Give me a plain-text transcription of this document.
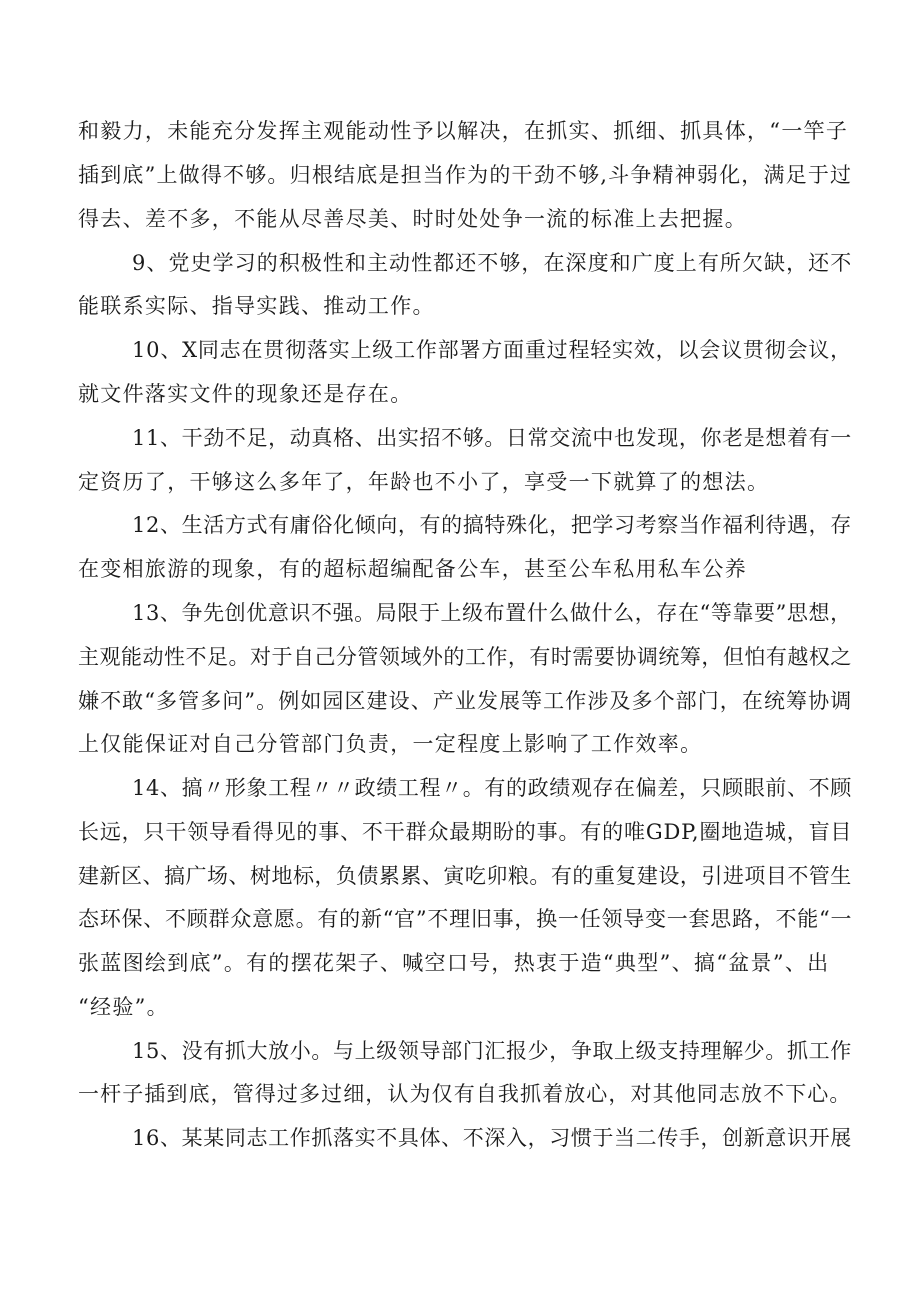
和毅力，未能充分发挥主观能动性予以解决，在抓实、抓细、抓具体，“一竿子
插到底”上做得不够。归根结底是担当作为的干劲不够,斗争精神弱化，满足于过
得去、差不多，不能从尽善尽美、时时处处争一流的标准上去把握。
9、党史学习的积极性和主动性都还不够，在深度和广度上有所欠缺，还不
能联系实际、指导实践、推动工作。
10、X同志在贯彻落实上级工作部署方面重过程轻实效，以会议贯彻会议，
就文件落实文件的现象还是存在。
11、干劲不足，动真格、出实招不够。日常交流中也发现，你老是想着有一
定资历了，干够这么多年了，年龄也不小了，享受一下就算了的想法。
12、生活方式有庸俗化倾向，有的搞特殊化，把学习考察当作福利待遇，存
在变相旅游的现象，有的超标超编配备公车，甚至公车私用私车公养
13、争先创优意识不强。局限于上级布置什么做什么，存在“等靠要”思想，
主观能动性不足。对于自己分管领域外的工作，有时需要协调统筹，但怕有越权之
嫌不敢“多管多问”。例如园区建设、产业发展等工作涉及多个部门，在统筹协调
上仅能保证对自己分管部门负责，一定程度上影响了工作效率。
14、搞〃形象工程〃〃政绩工程〃。有的政绩观存在偏差，只顾眼前、不顾
长远，只干领导看得见的事、不干群众最期盼的事。有的唯GDP,圈地造城，盲目
建新区、搞广场、树地标，负债累累、寅吃卯粮。有的重复建设，引进项目不管生
态环保、不顾群众意愿。有的新“官”不理旧事，换一任领导变一套思路，不能“一
张蓝图绘到底”。有的摆花架子、喊空口号，热衷于造“典型”、搞“盆景”、出
“经验”。
15、没有抓大放小。与上级领导部门汇报少，争取上级支持理解少。抓工作
一杆子插到底，管得过多过细，认为仅有自我抓着放心，对其他同志放不下心。
16、某某同志工作抓落实不具体、不深入，习惯于当二传手，创新意识开展
